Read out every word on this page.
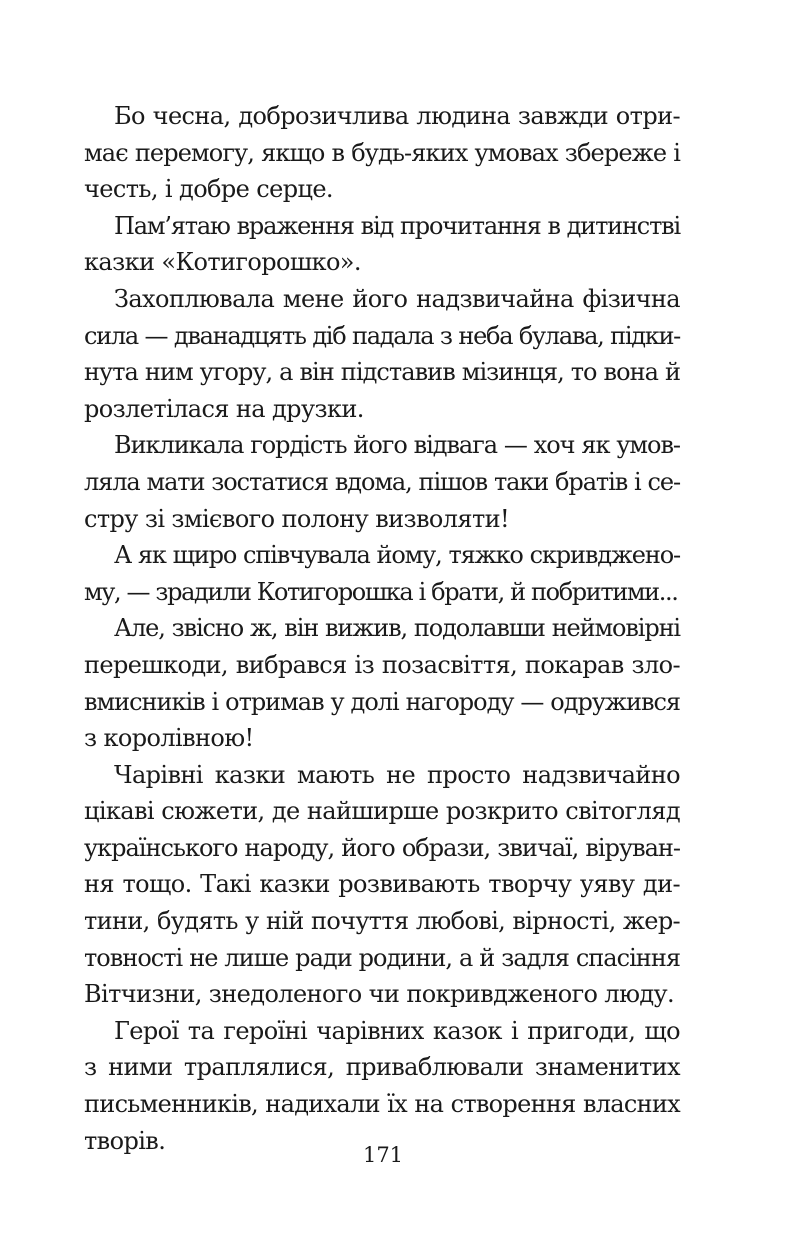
Бо чесна, доброзичлива людина завжди отри-
має перемогу, якщо в будь-яких умовах збереже і
честь, і добре серце.

Пам’ятаю враження від прочитання в дитинстві
казки «Котигорошко».

Захоплювала мене його надзвичайна фізична
сила — дванадцять діб падала з неба булава, підки-
нута ним угору, а він підставив мізинця, то вона й
розлетілася на друзки.

Викликала гордість його відвага — хоч як умов-
ляла мати зостатися вдома, пішов таки братів і се-
стру зі змієвого полону визволяти!

А як щиро співчувала йому, тяжко скривдженo-
му, — зрадили Котигорошка і брати, й побритими...

Але, звісно ж, він вижив, подолавши неймовірні
перешкоди, вибрався із позасвіття, покарав зло-
вмисників і отримав у долі нагороду — одружився
з королівною!

Чарівні казки мають не просто надзвичайно
цікаві сюжети, де найширше розкрито світогляд
українського народу, його образи, звичаї, віруван-
ня тощо. Такі казки розвивають творчу уяву ди-
тини, будять у ній почуття любові, вірності, жер-
товності не лише ради родини, а й задля спасіння
Вітчизни, знедоленого чи покривдженого люду.

Герої та героїні чарівних казок і пригоди, що
з ними траплялися, приваблювали знаменитих
письменників, надихали їх на створення власних
творів.

171
